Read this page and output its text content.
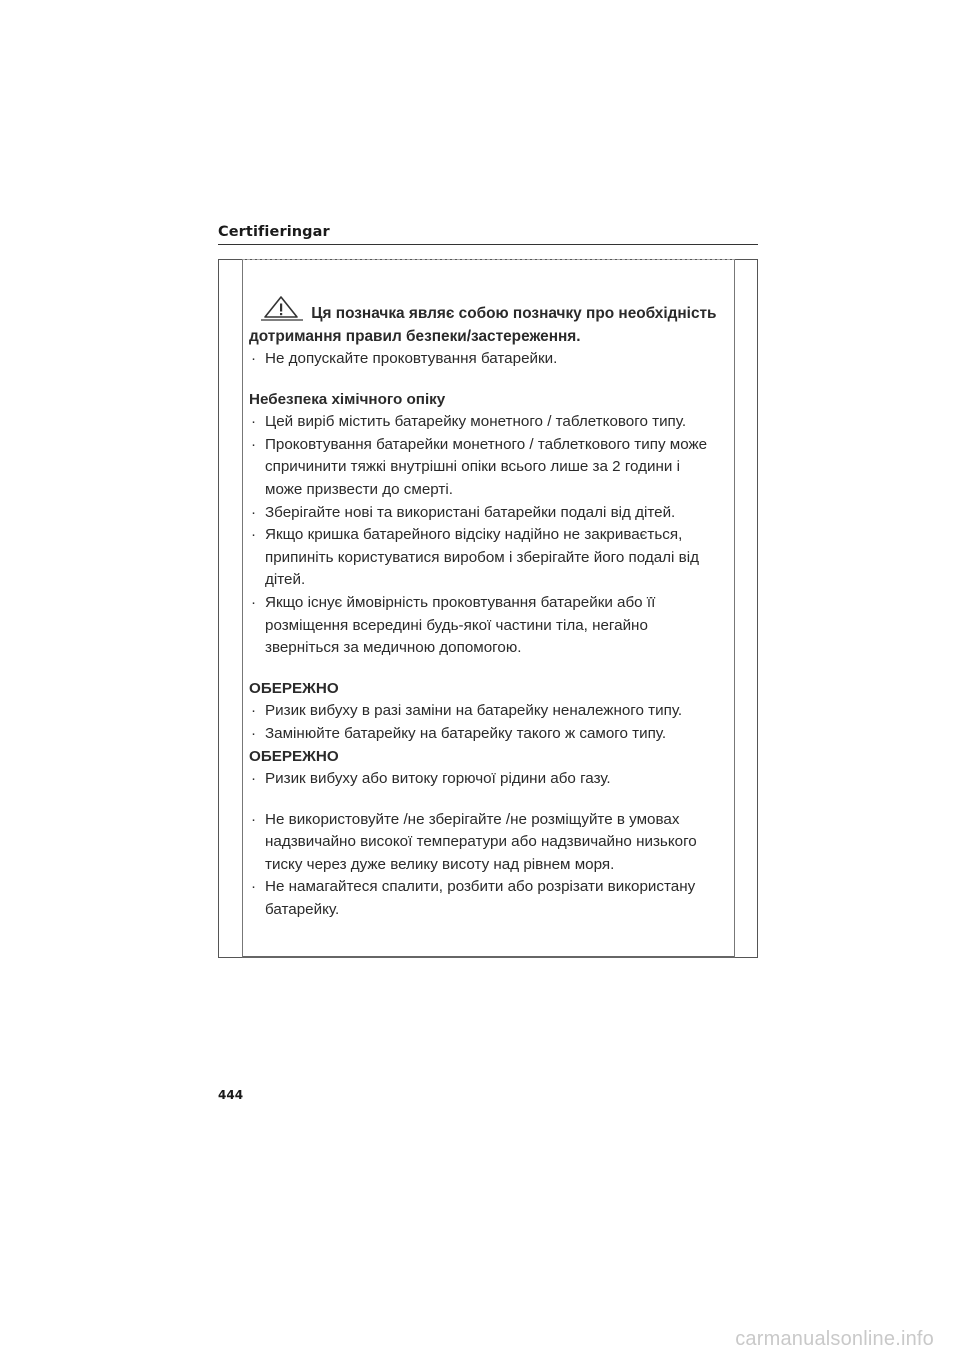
Certifieringar
Ця позначка являє собою позначку про необхідність
дотримання правил безпеки/застереження.
· Не допускайте проковтування батарейки.
Небезпека хімічного опіку
· Цей виріб містить батарейку монетного / таблеткового типу.
· Проковтування батарейки монетного / таблеткового типу може
спричинити тяжкі внутрішні опіки всього лише за 2 години і
може призвести до смерті.
· Зберігайте нові та використані батарейки подалі від дітей.
· Якщо кришка батарейного відсіку надійно не закривається,
припиніть користуватися виробом і зберігайте його подалі від
дітей.
· Якщо існує ймовірність проковтування батарейки або її
розміщення всередині будь-якої частини тіла, негайно
зверніться за медичною допомогою.
ОБЕРЕЖНО
· Ризик вибуху в разі заміни на батарейку неналежного типу.
· Замінюйте батарейку на батарейку такого ж самого типу.
ОБЕРЕЖНО
· Ризик вибуху або витоку горючої рідини або газу.
· Не використовуйте /не зберігайте /не розміщуйте в умовах
надзвичайно високої температури або надзвичайно низького
тиску через дуже велику висоту над рівнем моря.
· Не намагайтеся спалити, розбити або розрізати використану
батарейку.
444
carmanualsonline.info
